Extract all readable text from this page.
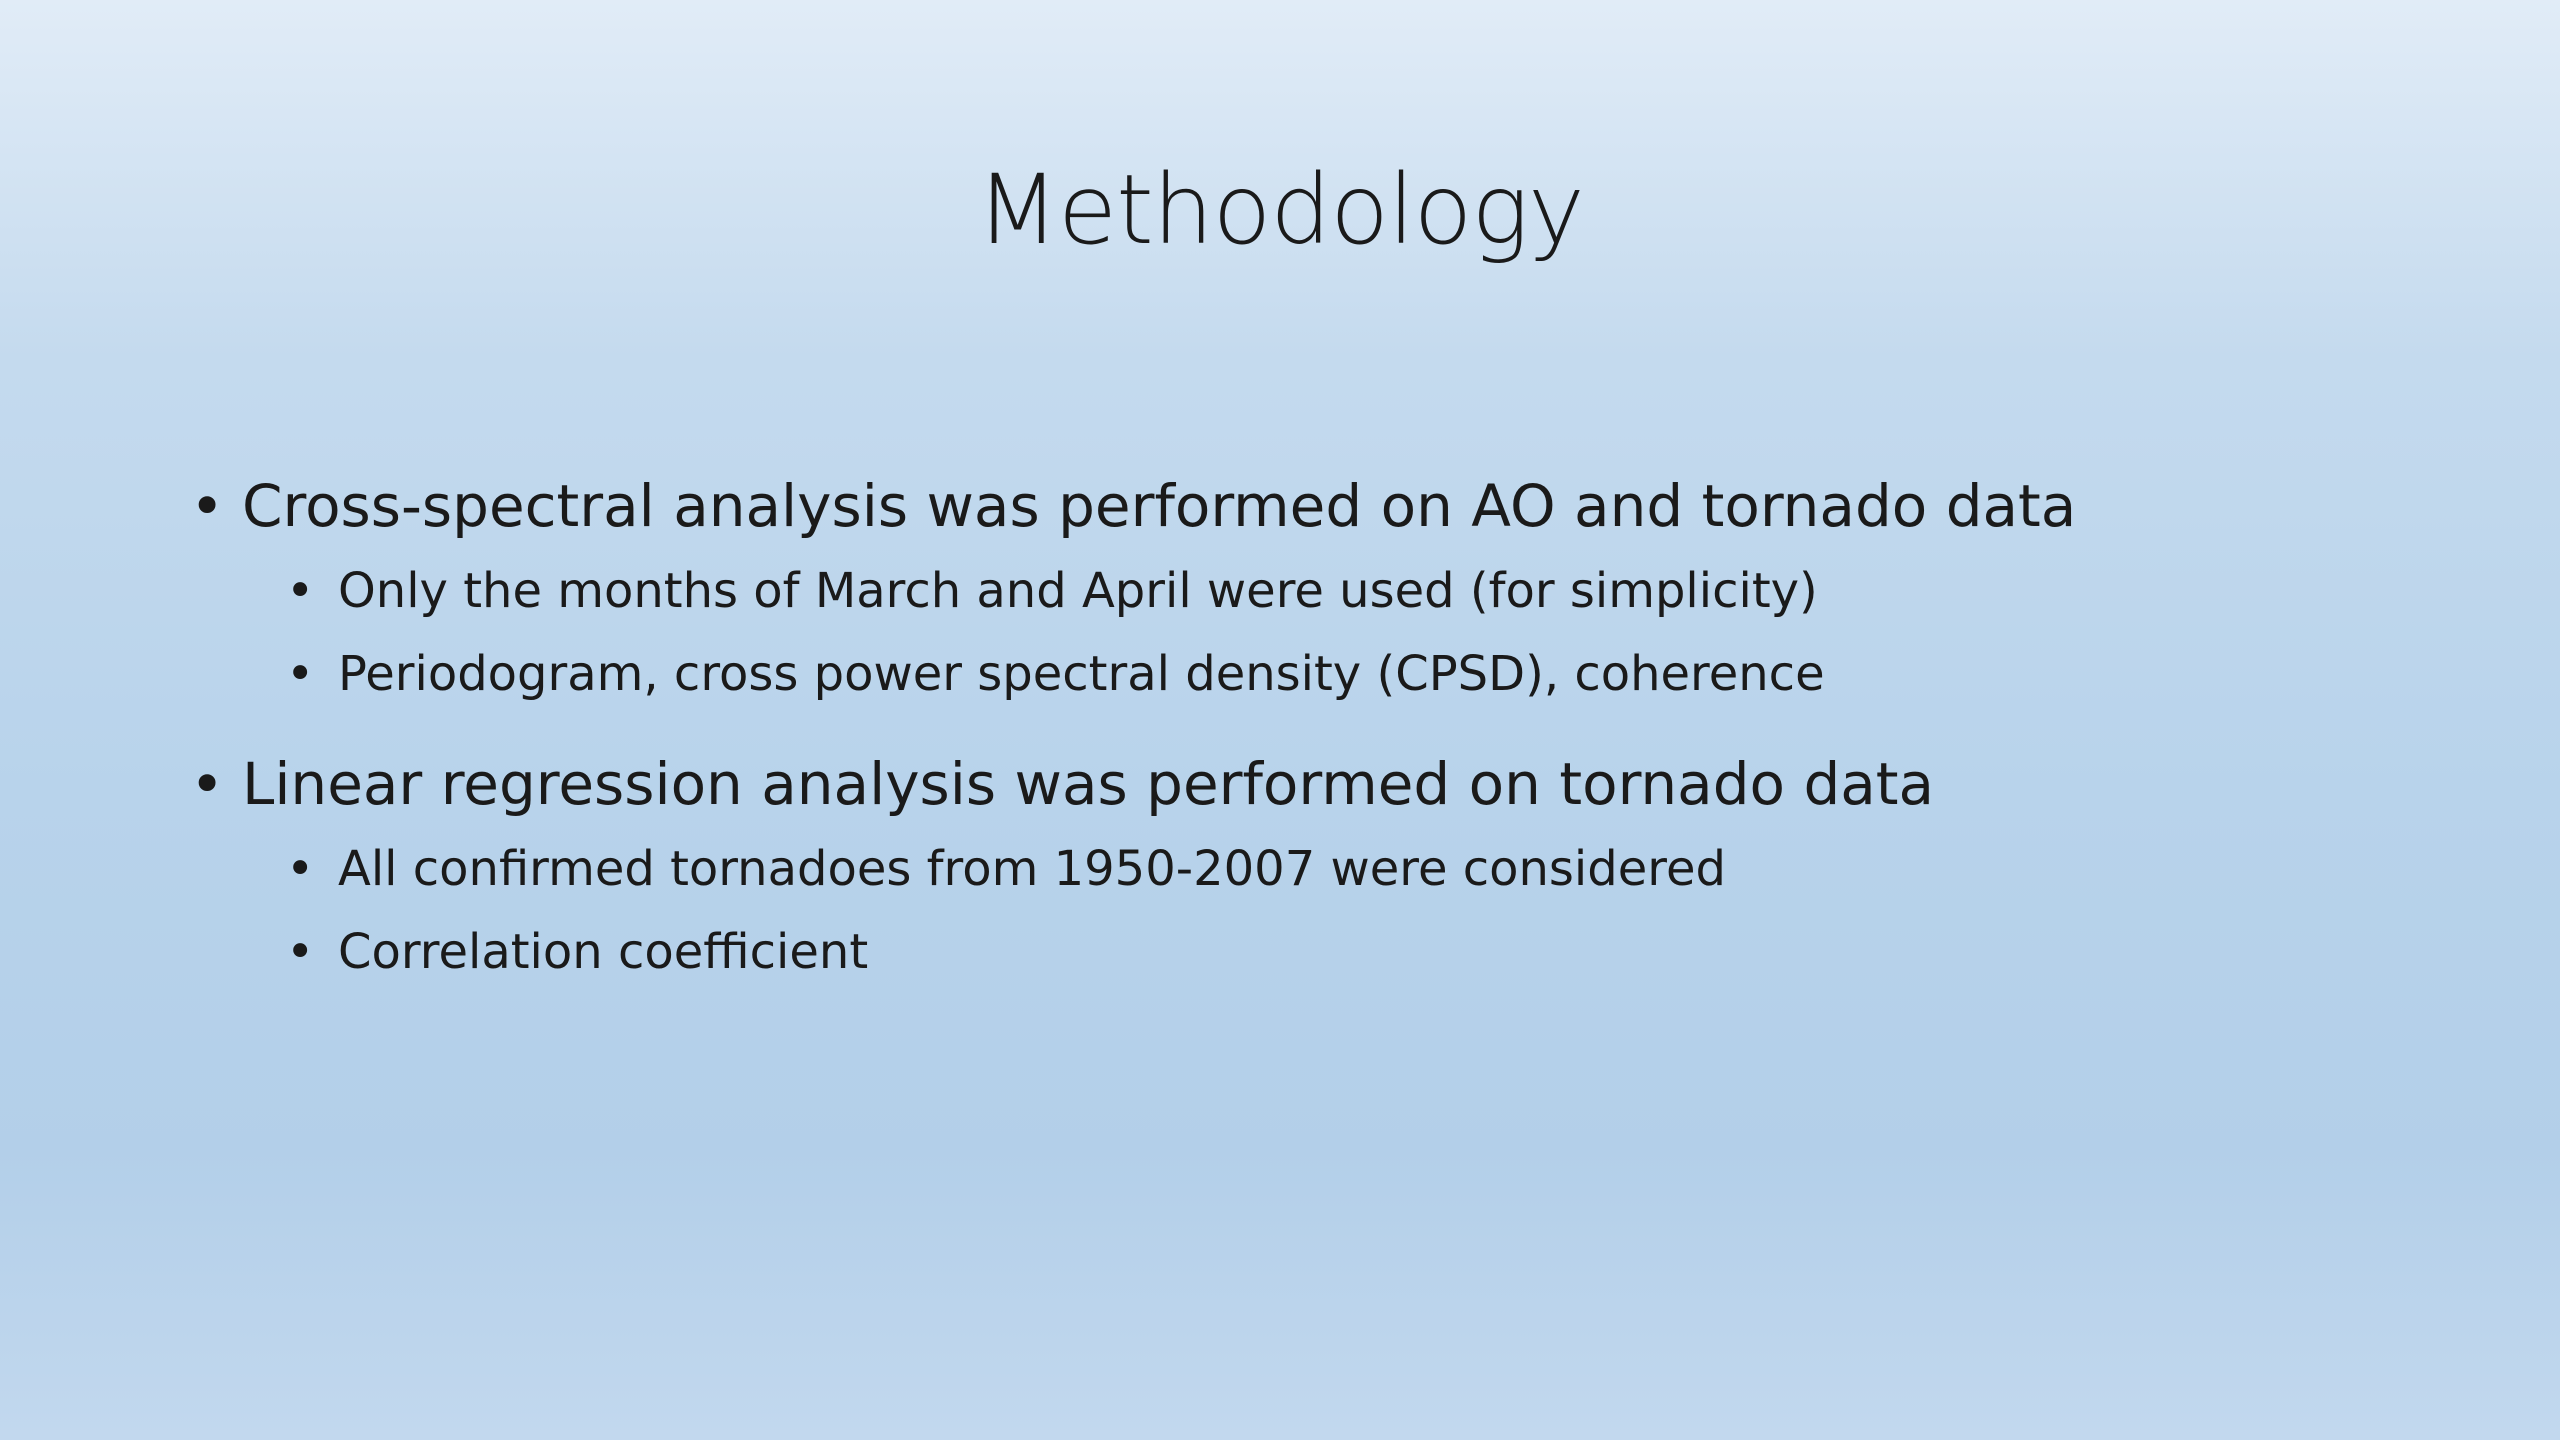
Methodology
• Cross-spectral analysis was performed on AO and tornado data
• Only the months of March and April were used (for simplicity)
• Periodogram, cross power spectral density (CPSD), coherence
• Linear regression analysis was performed on tornado data
• All confirmed tornadoes from 1950-2007 were considered
• Correlation coefficient
